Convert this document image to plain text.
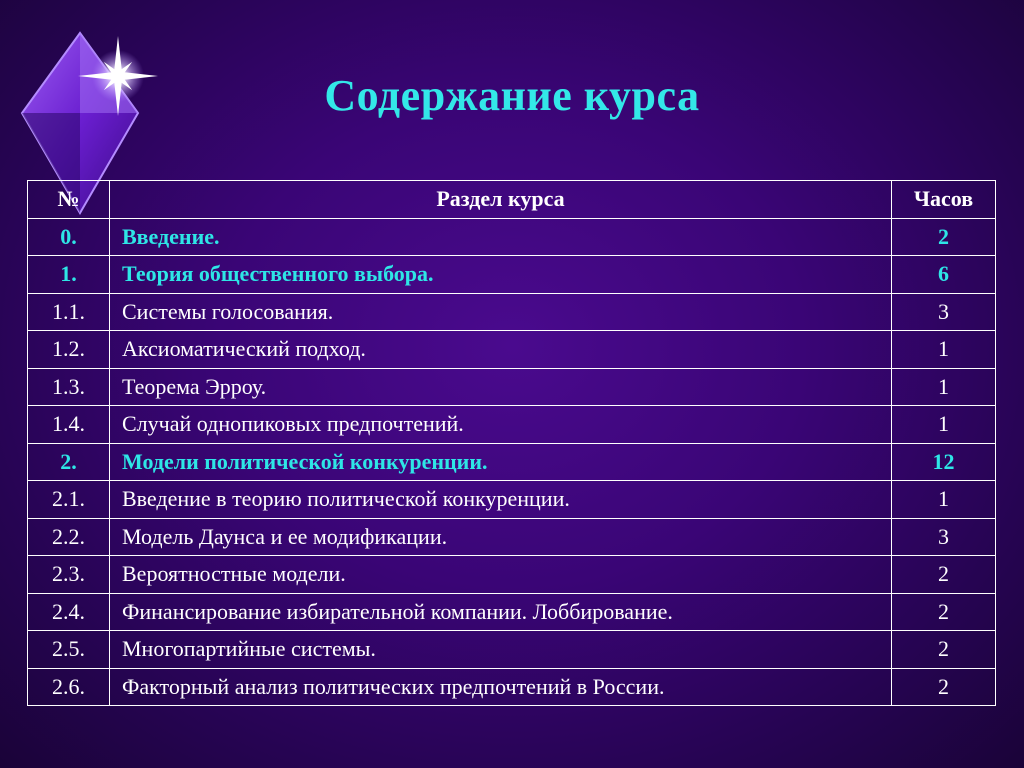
Содержание курса
№	Раздел курса	Часов
0.	Введение.	2
1.	Теория общественного выбора.	6
1.1.	Системы голосования.	3
1.2.	Аксиоматический подход.	1
1.3.	Теорема Эрроу.	1
1.4.	Случай однопиковых предпочтений.	1
2.	Модели политической конкуренции.	12
2.1.	Введение в теорию политической конкуренции.	1
2.2.	Модель Даунса и ее модификации.	3
2.3.	Вероятностные модели.	2
2.4.	Финансирование избирательной компании. Лоббирование.	2
2.5.	Многопартийные системы.	2
2.6.	Факторный анализ политических предпочтений в России.	2
